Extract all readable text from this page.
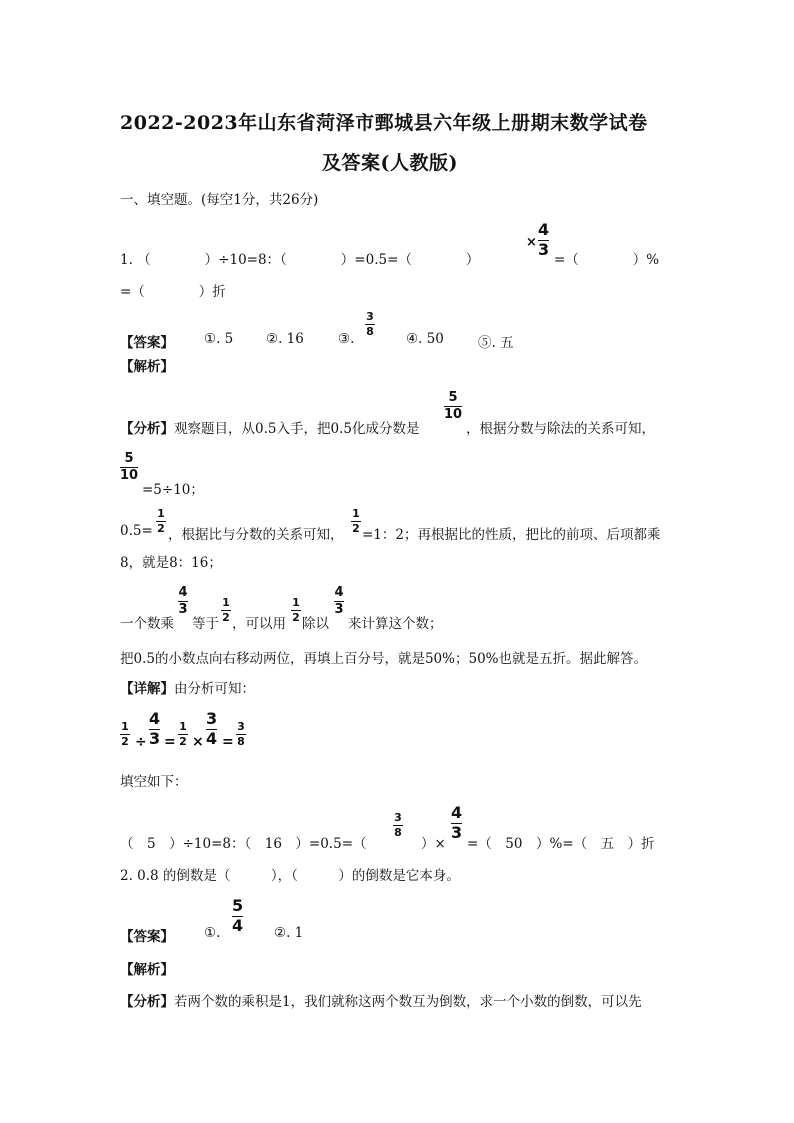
2022-2023年山东省菏泽市鄄城县六年级上册期末数学试卷
及答案(人教版)
一、填空题。(每空1分，共26分)
1. （　　　　）÷10=8：（　　　　）=0.5=（　　　　）
×
4
3
=（　　　　）%
=（　　　　）折
【答案】 ①. 5 ②. 16	③.
3
8 ④. 50	⑤. 五
【解析】
【分析】观察题目，从0.5入手，把0.5化成分数是
5
10
，根据分数与除法的关系可知，
5
10
=5÷10；
0.5=
1
2 ，根据比与分数的关系可知，
1
2 =1：2；再根据比的性质，把比的前项、后项都乘
8，就是8：16；
一个数乘
4
3
等于
1
2 ，可以用
1
2 除以
4
3
来计算这个数；
把0.5的小数点向右移动两位，再填上百分号，就是50%；50%也就是五折。据此解答。
【详解】由分析可知：
1
2 ÷
4
3 =
1
2 ×
3
4 =
3
8
填空如下：
（　5　）÷10=8：（　16　）=0.5=（
3
8
）×
4
3
=（　50　）%=（　五　）折
2. 0.8 的倒数是（　　　），（　　　）的倒数是它本身。
【答案】 ①.
5
4 ②. 1
【解析】
【分析】若两个数的乘积是1，我们就称这两个数互为倒数，求一个小数的倒数，可以先
